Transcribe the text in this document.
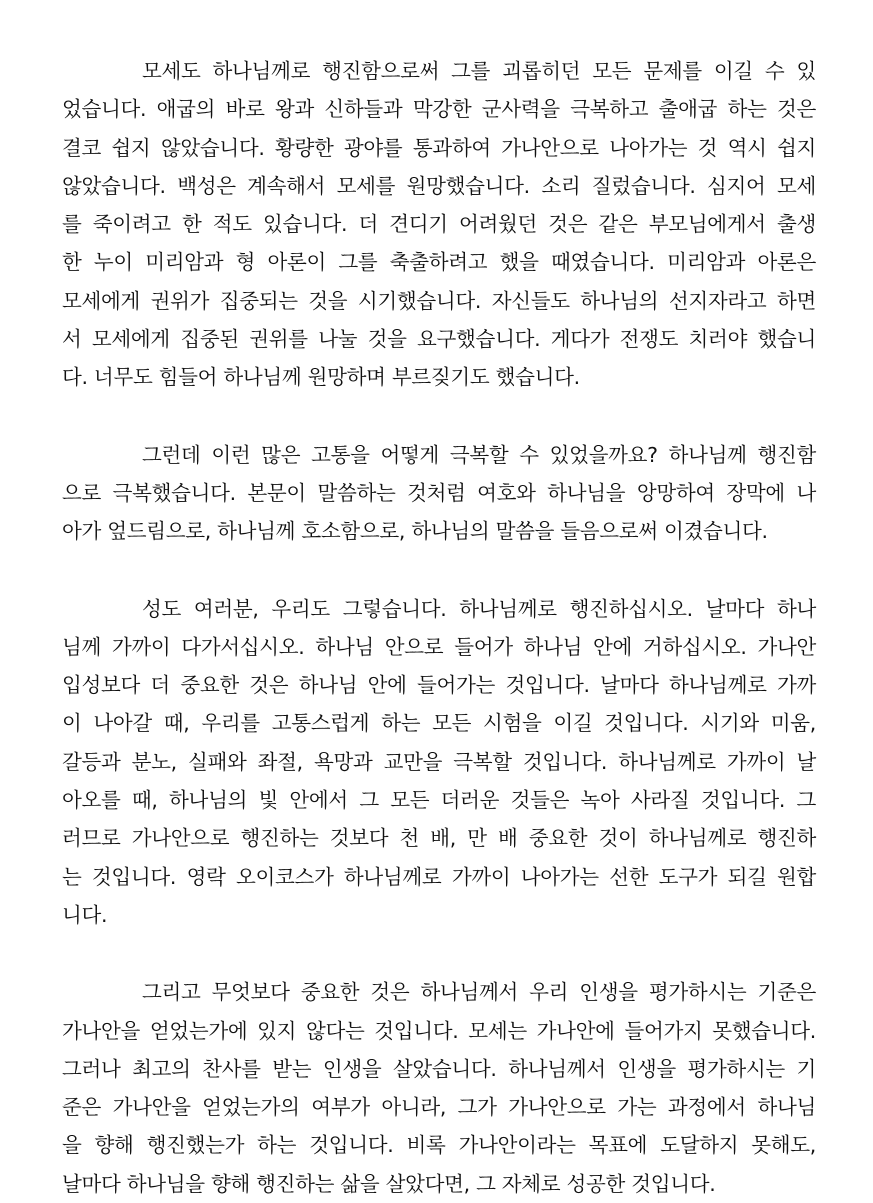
모세도 하나님께로 행진함으로써 그를 괴롭히던 모든 문제를 이길 수 있
었습니다. 애굽의 바로 왕과 신하들과 막강한 군사력을 극복하고 출애굽 하는 것은
결코 쉽지 않았습니다. 황량한 광야를 통과하여 가나안으로 나아가는 것 역시 쉽지
않았습니다. 백성은 계속해서 모세를 원망했습니다. 소리 질렀습니다. 심지어 모세
를 죽이려고 한 적도 있습니다. 더 견디기 어려웠던 것은 같은 부모님에게서 출생
한 누이 미리암과 형 아론이 그를 축출하려고 했을 때였습니다. 미리암과 아론은
모세에게 권위가 집중되는 것을 시기했습니다. 자신들도 하나님의 선지자라고 하면
서 모세에게 집중된 권위를 나눌 것을 요구했습니다. 게다가 전쟁도 치러야 했습니
다. 너무도 힘들어 하나님께 원망하며 부르짖기도 했습니다.
그런데 이런 많은 고통을 어떻게 극복할 수 있었을까요? 하나님께 행진함
으로 극복했습니다. 본문이 말씀하는 것처럼 여호와 하나님을 앙망하여 장막에 나
아가 엎드림으로, 하나님께 호소함으로, 하나님의 말씀을 들음으로써 이겼습니다.
성도 여러분, 우리도 그렇습니다. 하나님께로 행진하십시오. 날마다 하나
님께 가까이 다가서십시오. 하나님 안으로 들어가 하나님 안에 거하십시오. 가나안
입성보다 더 중요한 것은 하나님 안에 들어가는 것입니다. 날마다 하나님께로 가까
이 나아갈 때, 우리를 고통스럽게 하는 모든 시험을 이길 것입니다. 시기와 미움,
갈등과 분노, 실패와 좌절, 욕망과 교만을 극복할 것입니다. 하나님께로 가까이 날
아오를 때, 하나님의 빛 안에서 그 모든 더러운 것들은 녹아 사라질 것입니다. 그
러므로 가나안으로 행진하는 것보다 천 배, 만 배 중요한 것이 하나님께로 행진하
는 것입니다. 영락 오이코스가 하나님께로 가까이 나아가는 선한 도구가 되길 원합
니다.
그리고 무엇보다 중요한 것은 하나님께서 우리 인생을 평가하시는 기준은
가나안을 얻었는가에 있지 않다는 것입니다. 모세는 가나안에 들어가지 못했습니다.
그러나 최고의 찬사를 받는 인생을 살았습니다. 하나님께서 인생을 평가하시는 기
준은 가나안을 얻었는가의 여부가 아니라, 그가 가나안으로 가는 과정에서 하나님
을 향해 행진했는가 하는 것입니다. 비록 가나안이라는 목표에 도달하지 못해도,
날마다 하나님을 향해 행진하는 삶을 살았다면, 그 자체로 성공한 것입니다.
